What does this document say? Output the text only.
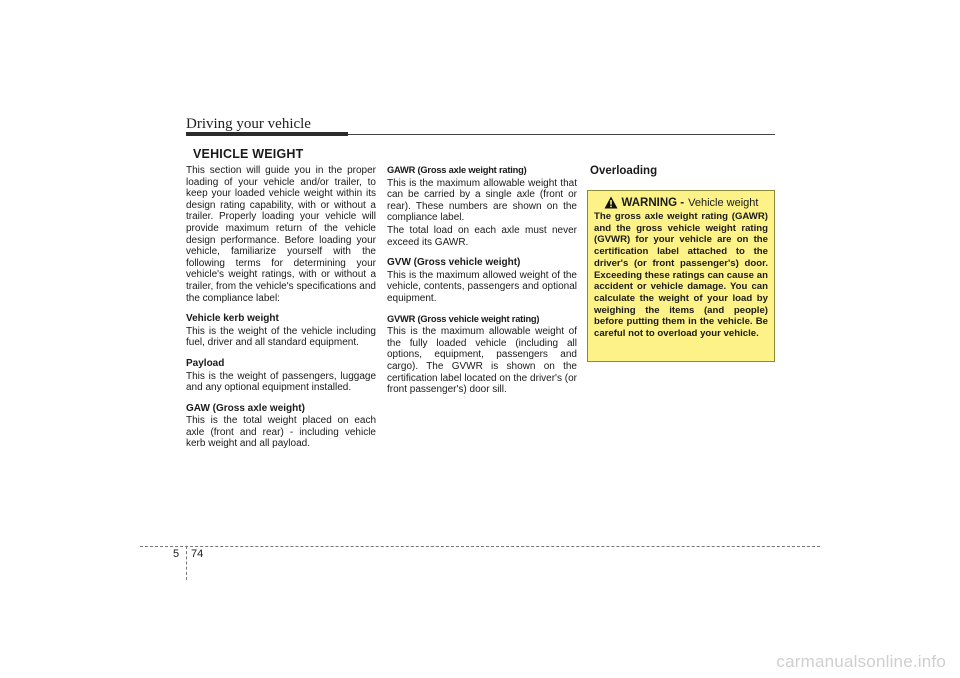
Driving your vehicle
VEHICLE WEIGHT

This section will guide you in the proper loading of your vehicle and/or trailer, to keep your loaded vehicle weight within its design rating capability, with or without a trailer. Properly loading your vehicle will provide maximum return of the vehicle design performance. Before loading your vehicle, familiarize yourself with the following terms for determining your vehicle's weight ratings, with or without a trailer, from the vehicle's specifications and the compliance label:

Vehicle kerb weight

This is the weight of the vehicle including fuel, driver and all standard equipment.

Payload

This is the weight of passengers, luggage and any optional equipment installed.

GAW (Gross axle weight)

This is the total weight placed on each axle (front and rear) - including vehicle kerb weight and all payload.

GAWR (Gross axle weight rating)

This is the maximum allowable weight that can be carried by a single axle (front or rear). These numbers are shown on the compliance label.

The total load on each axle must never exceed its GAWR.

GVW (Gross vehicle weight)

This is the maximum allowed weight of the vehicle, contents, passengers and optional equipment.

GVWR (Gross vehicle weight rating)

This is the maximum allowable weight of the fully loaded vehicle (including all options, equipment, passengers and cargo). The GVWR is shown on the certification label located on the driver's (or front passenger's) door sill.

Overloading
WARNING - Vehicle weight

The gross axle weight rating (GAWR) and the gross vehicle weight rating (GVWR) for your vehicle are on the certification label attached to the driver's (or front passenger's) door. Exceeding these ratings can cause an accident or vehicle damage. You can calculate the weight of your load by weighing the items (and people) before putting them in the vehicle. Be careful not to overload your vehicle.

5 74
carmanualsonline.info
